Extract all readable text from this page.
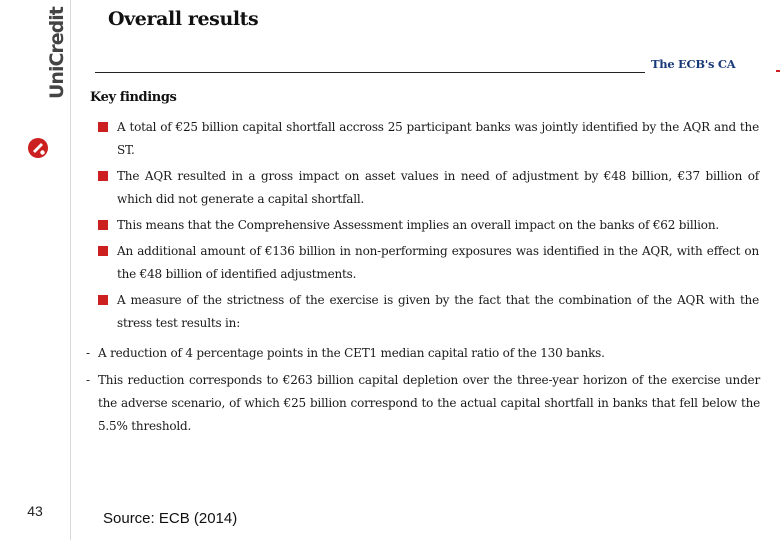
UniCredit
43
Overall results
The ECB's CA
Key findings
A total of €25 billion capital shortfall accross 25 participant banks was jointly identified by the AQR and the ST.
The AQR resulted in a gross impact on asset values in need of adjustment by €48 billion, €37 billion of which did not generate a capital shortfall.
This means that the Comprehensive Assessment implies an overall impact on the banks of €62 billion.
An additional amount of €136 billion in non-performing exposures was identified in the AQR, with effect on the €48 billion of identified adjustments.
A measure of the strictness of the exercise is given by the fact that the combination of the AQR with the stress test results in:
- A reduction of 4 percentage points in the CET1 median capital ratio of the 130 banks.
- This reduction corresponds to €263 billion capital depletion over the three-year horizon of the exercise under the adverse scenario, of which €25 billion correspond to the actual capital shortfall in banks that fell below the 5.5% threshold.
Source: ECB (2014)
